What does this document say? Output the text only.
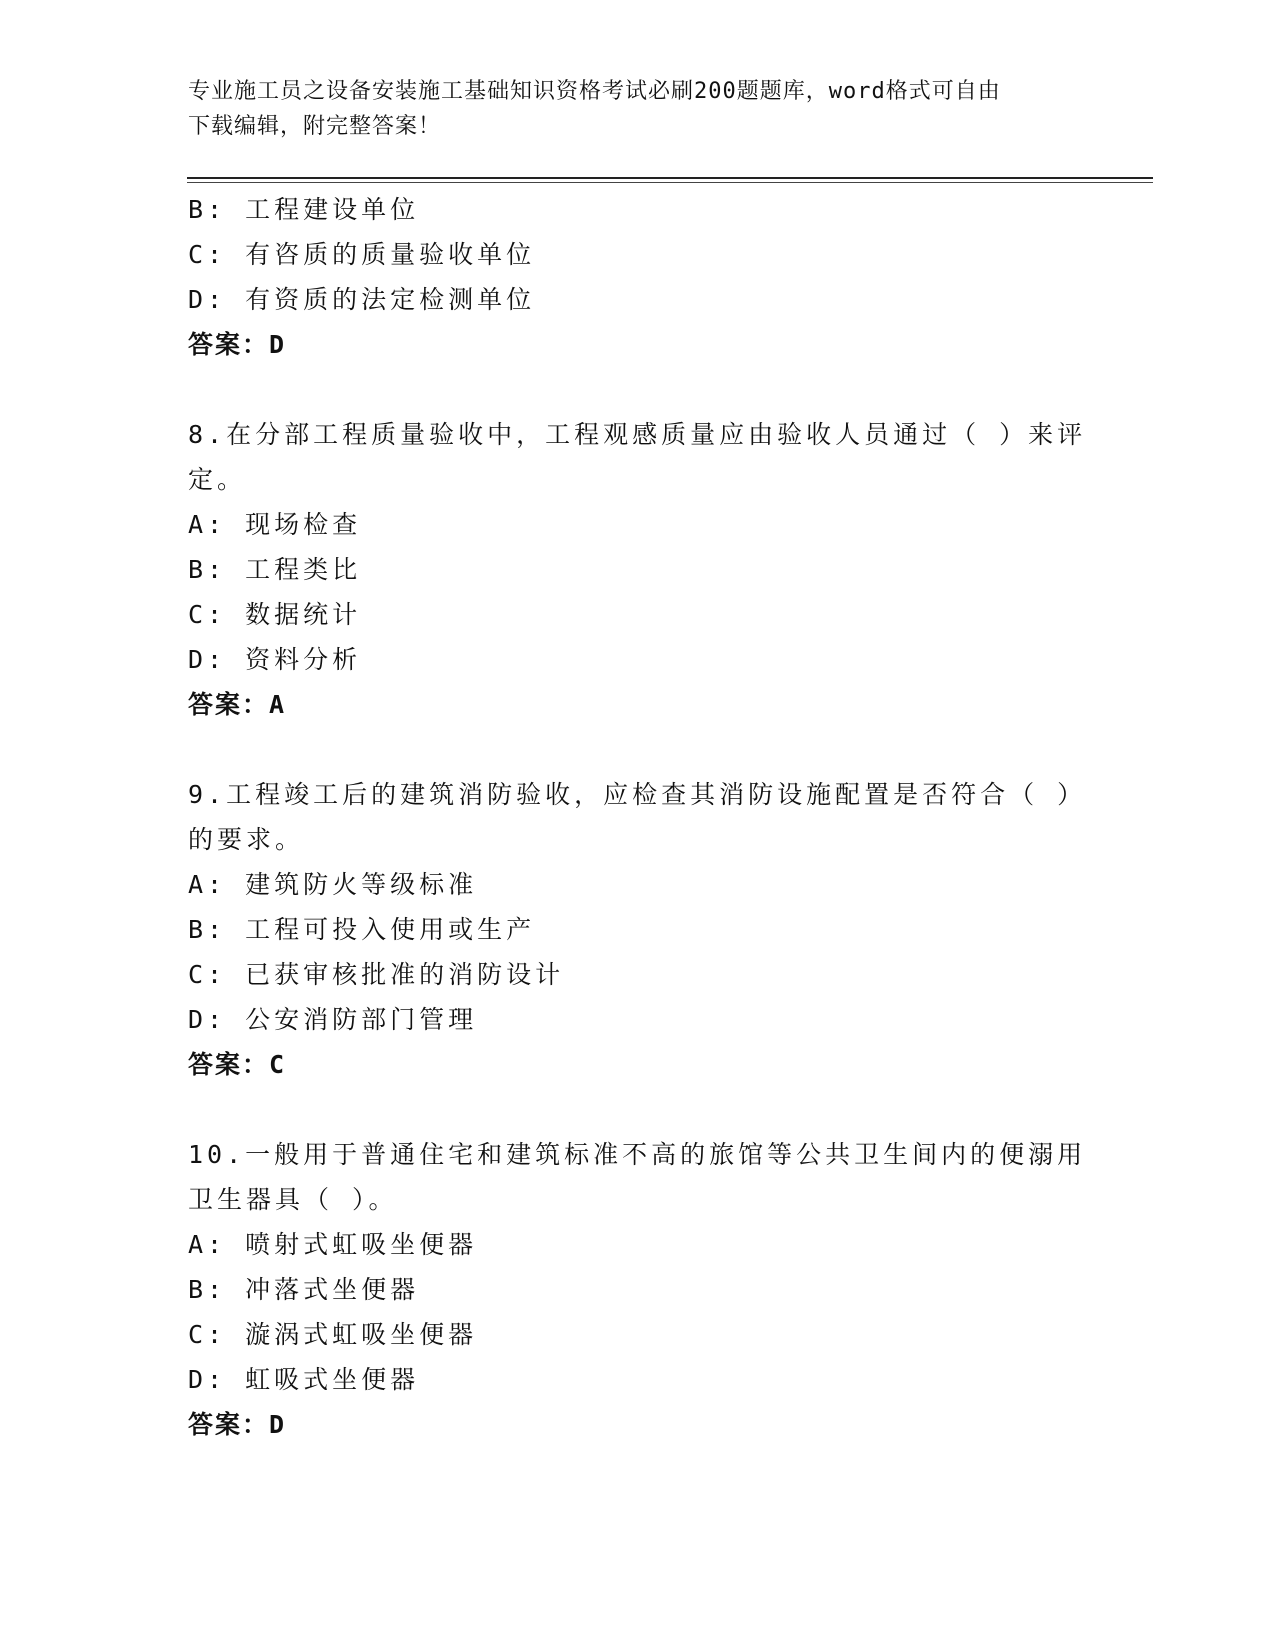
专业施工员之设备安装施工基础知识资格考试必刷200题题库，word格式可自由
下载编辑，附完整答案！
B: 工程建设单位
C: 有咨质的质量验收单位
D: 有资质的法定检测单位
答案：D
8.在分部工程质量验收中，工程观感质量应由验收人员通过（ ）来评
定。
A: 现场检查
B: 工程类比
C: 数据统计
D: 资料分析
答案：A
9.工程竣工后的建筑消防验收，应检查其消防设施配置是否符合（ ）
的要求。
A: 建筑防火等级标准
B: 工程可投入使用或生产
C: 已获审核批准的消防设计
D: 公安消防部门管理
答案：C
10.一般用于普通住宅和建筑标准不高的旅馆等公共卫生间内的便溺用
卫生器具（ ）。
A: 喷射式虹吸坐便器
B: 冲落式坐便器
C: 漩涡式虹吸坐便器
D: 虹吸式坐便器
答案：D
